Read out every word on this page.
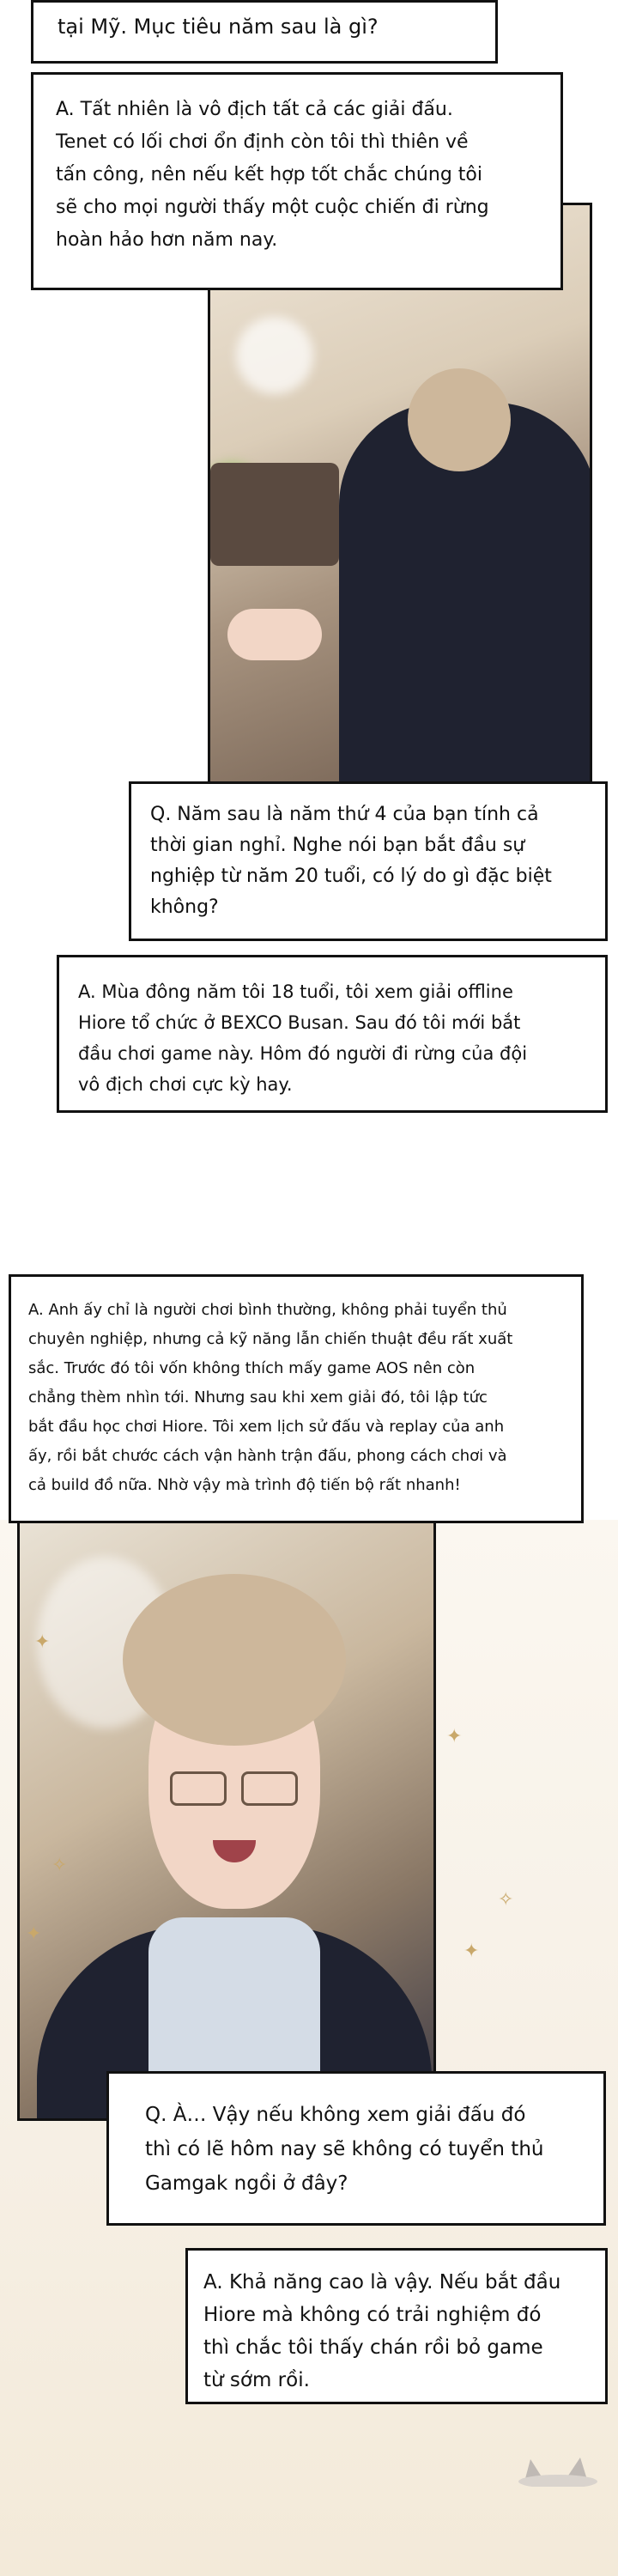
✦
✧
✦
✦
✧
✦

tại Mỹ. Mục tiêu năm sau là gì?

A. Tất nhiên là vô địch tất cả các giải đấu.
Tenet có lối chơi ổn định còn tôi thì thiên về
tấn công, nên nếu kết hợp tốt chắc chúng tôi
sẽ cho mọi người thấy một cuộc chiến đi rừng
hoàn hảo hơn năm nay.

Q. Năm sau là năm thứ 4 của bạn tính cả
thời gian nghỉ. Nghe nói bạn bắt đầu sự
nghiệp từ năm 20 tuổi, có lý do gì đặc biệt
không?

A. Mùa đông năm tôi 18 tuổi, tôi xem giải offline
Hiore tổ chức ở BEXCO Busan. Sau đó tôi mới bắt
đầu chơi game này. Hôm đó người đi rừng của đội
vô địch chơi cực kỳ hay.

A. Anh ấy chỉ là người chơi bình thường, không phải tuyển thủ
chuyên nghiệp, nhưng cả kỹ năng lẫn chiến thuật đều rất xuất
sắc. Trước đó tôi vốn không thích mấy game AOS nên còn
chẳng thèm nhìn tới. Nhưng sau khi xem giải đó, tôi lập tức
bắt đầu học chơi Hiore. Tôi xem lịch sử đấu và replay của anh
ấy, rồi bắt chước cách vận hành trận đấu, phong cách chơi và
cả build đồ nữa. Nhờ vậy mà trình độ tiến bộ rất nhanh!

Q. À… Vậy nếu không xem giải đấu đó
thì có lẽ hôm nay sẽ không có tuyển thủ
Gamgak ngồi ở đây?

A. Khả năng cao là vậy. Nếu bắt đầu
Hiore mà không có trải nghiệm đó
thì chắc tôi thấy chán rồi bỏ game
từ sớm rồi.
